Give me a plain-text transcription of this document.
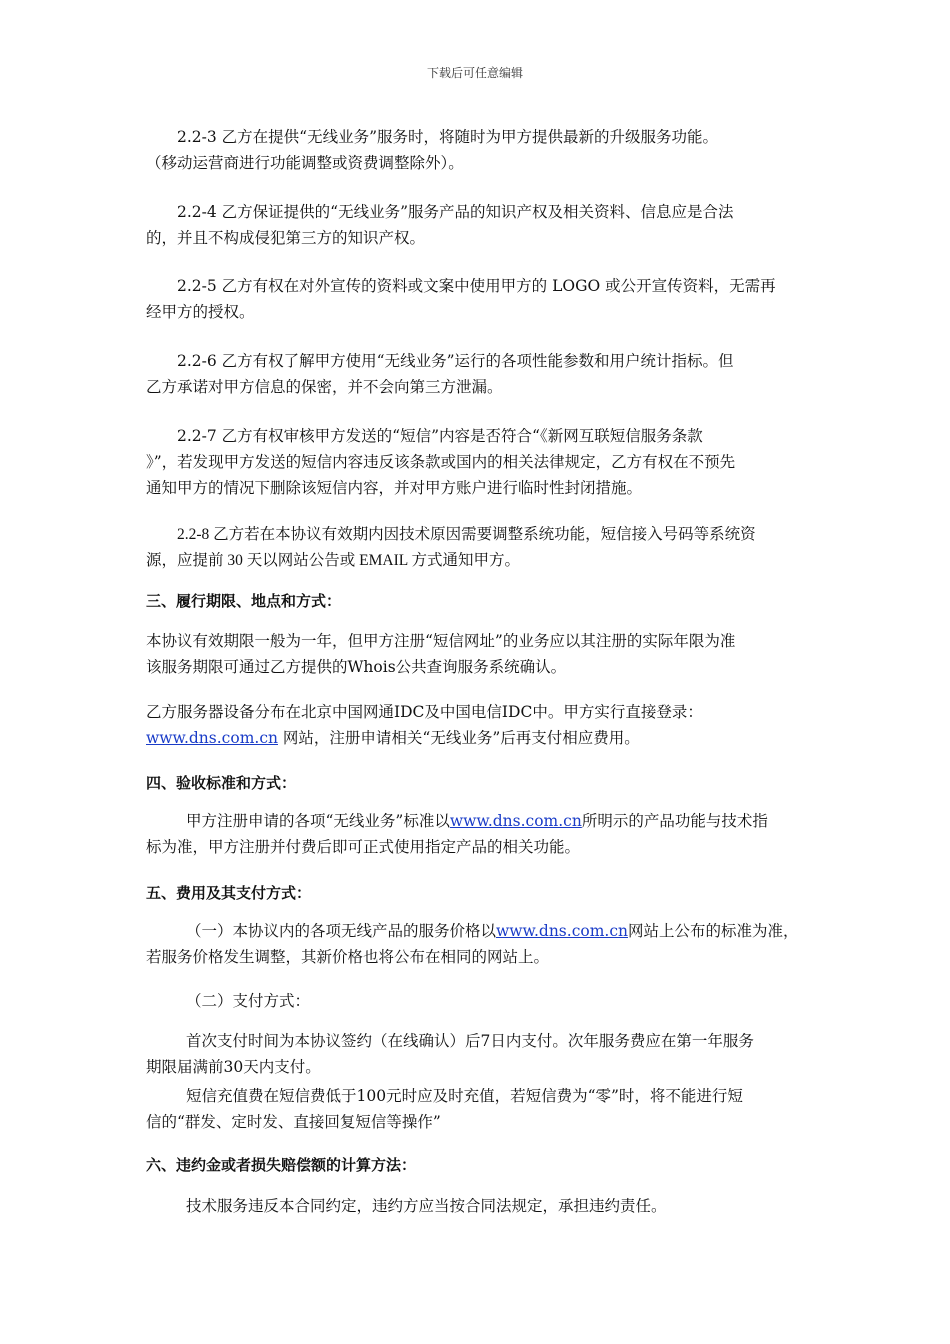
下载后可任意编辑
2.2-3 乙方在提供“无线业务”服务时，将随时为甲方提供最新的升级服务功能。
（移动运营商进行功能调整或资费调整除外）。
2.2-4 乙方保证提供的“无线业务”服务产品的知识产权及相关资料、信息应是合法
的，并且不构成侵犯第三方的知识产权。
2.2-5 乙方有权在对外宣传的资料或文案中使用甲方的 LOGO 或公开宣传资料，无需再
经甲方的授权。
2.2-6 乙方有权了解甲方使用“无线业务”运行的各项性能参数和用户统计指标。但
乙方承诺对甲方信息的保密，并不会向第三方泄漏。
2.2-7 乙方有权审核甲方发送的“短信”内容是否符合“《新网互联短信服务条款
》”，若发现甲方发送的短信内容违反该条款或国内的相关法律规定，乙方有权在不预先
通知甲方的情况下删除该短信内容，并对甲方账户进行临时性封闭措施。
2.2-8 乙方若在本协议有效期内因技术原因需要调整系统功能，短信接入号码等系统资
源，应提前 30 天以网站公告或 EMAIL 方式通知甲方。
三、履行期限、地点和方式：
本协议有效期限一般为一年，但甲方注册“短信网址”的业务应以其注册的实际年限为准
该服务期限可通过乙方提供的Whois公共查询服务系统确认。
乙方服务器设备分布在北京中国网通IDC及中国电信IDC中。甲方实行直接登录：
www.dns.com.cn 网站，注册申请相关“无线业务”后再支付相应费用。
四、验收标准和方式：
甲方注册申请的各项“无线业务”标准以www.dns.com.cn所明示的产品功能与技术指
标为准，甲方注册并付费后即可正式使用指定产品的相关功能。
五、费用及其支付方式：
（一）本协议内的各项无线产品的服务价格以www.dns.com.cn网站上公布的标准为准，
若服务价格发生调整，其新价格也将公布在相同的网站上。
（二）支付方式：
首次支付时间为本协议签约（在线确认）后7日内支付。次年服务费应在第一年服务
期限届满前30天内支付。
短信充值费在短信费低于100元时应及时充值，若短信费为“零”时，将不能进行短
信的“群发、定时发、直接回复短信等操作”
六、违约金或者损失赔偿额的计算方法：
技术服务违反本合同约定，违约方应当按合同法规定，承担违约责任。
